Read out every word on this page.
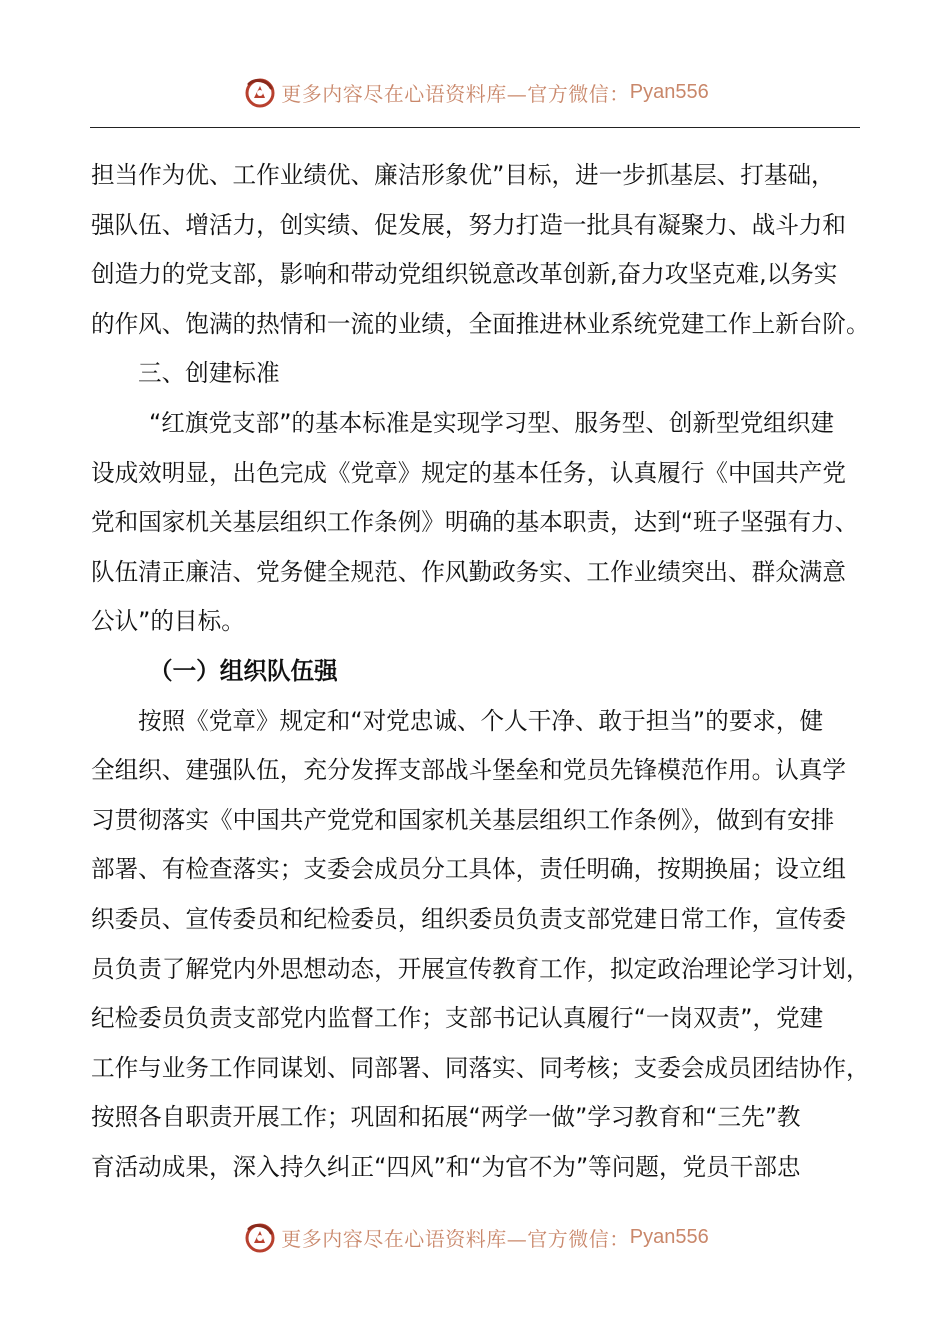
更多内容尽在心语资料库—官方微信： Pyan556
担当作为优、工作业绩优、廉洁形象优”目标，进一步抓基层、打基础，
强队伍、增活力，创实绩、促发展，努力打造一批具有凝聚力、战斗力和
创造力的党支部，影响和带动党组织锐意改革创新,奋力攻坚克难,以务实
的作风、饱满的热情和一流的业绩，全面推进林业系统党建工作上新台阶。
三、创建标准
“红旗党支部”的基本标准是实现学习型、服务型、创新型党组织建
设成效明显，出色完成《党章》规定的基本任务，认真履行《中国共产党
党和国家机关基层组织工作条例》明确的基本职责，达到“班子坚强有力、
队伍清正廉洁、党务健全规范、作风勤政务实、工作业绩突出、群众满意
公认”的目标。
（一）组织队伍强
按照《党章》规定和“对党忠诚、个人干净、敢于担当”的要求，健
全组织、建强队伍，充分发挥支部战斗堡垒和党员先锋模范作用。认真学
习贯彻落实《中国共产党党和国家机关基层组织工作条例》，做到有安排
部署、有检查落实；支委会成员分工具体，责任明确，按期换届；设立组
织委员、宣传委员和纪检委员，组织委员负责支部党建日常工作，宣传委
员负责了解党内外思想动态，开展宣传教育工作，拟定政治理论学习计划，
纪检委员负责支部党内监督工作；支部书记认真履行“一岗双责”，党建
工作与业务工作同谋划、同部署、同落实、同考核；支委会成员团结协作，
按照各自职责开展工作；巩固和拓展“两学一做”学习教育和“三先”教
育活动成果，深入持久纠正“四风”和“为官不为”等问题，党员干部忠
更多内容尽在心语资料库—官方微信： Pyan556
